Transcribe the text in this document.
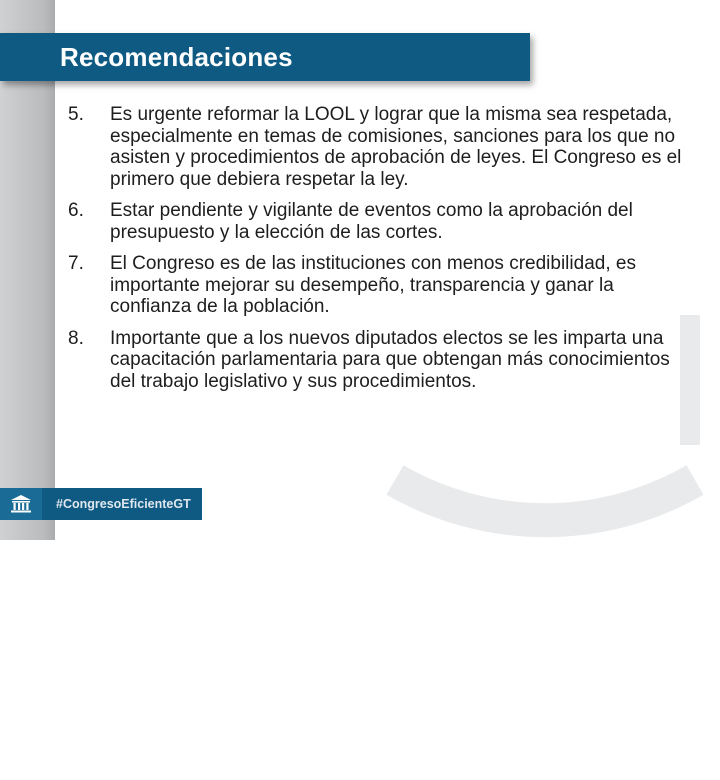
Recomendaciones
5.	Es urgente reformar la LOOL y lograr que la misma sea respetada, especialmente en temas de comisiones, sanciones para los que no asisten y procedimientos de aprobación de leyes. El Congreso es el primero que debiera respetar la ley.
6.	Estar pendiente y vigilante de eventos como la aprobación del presupuesto y la elección de las cortes.
7.	El Congreso es de las instituciones con menos credibilidad, es importante mejorar su desempeño, transparencia y ganar la confianza de la población.
8.	Importante que a los nuevos diputados electos se les imparta una capacitación parlamentaria para que obtengan más conocimientos del trabajo legislativo y sus procedimientos.
#CongresoEficienteGT
